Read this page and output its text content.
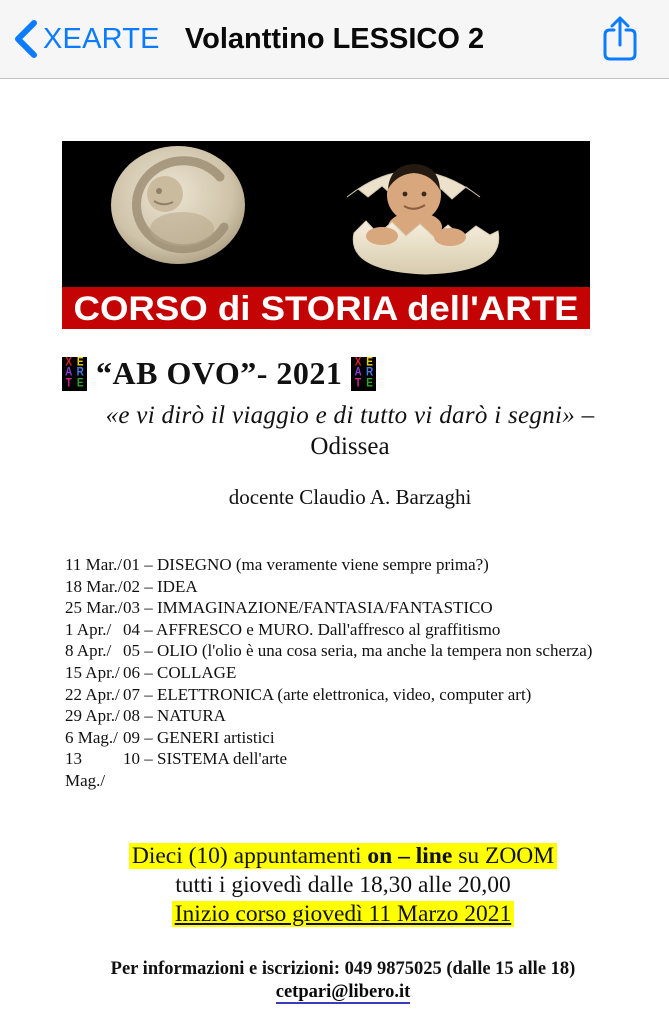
XEARTE Volanttino LESSICO 2
CORSO di STORIA dell'ARTE
X E
A R
T E “AB OVO”- 2021 X E
A R
T E
«e vi dirò il viaggio e di tutto vi darò i segni» –
Odissea
docente Claudio A. Barzaghi
11 Mar./ 01 – DISEGNO (ma veramente viene sempre prima?)
18 Mar./ 02 – IDEA
25 Mar./ 03 – IMMAGINAZIONE/FANTASIA/FANTASTICO
1 Apr./ 04 – AFFRESCO e MURO. Dall'affresco al graffitismo
8 Apr./ 05 – OLIO (l'olio è una cosa seria, ma anche la tempera non scherza)
15 Apr./ 06 – COLLAGE
22 Apr./ 07 – ELETTRONICA (arte elettronica, video, computer art)
29 Apr./ 08 – NATURA
6 Mag./ 09 – GENERI artistici
13 Mag./
10 – SISTEMA dell'arte
Dieci (10) appuntamenti on – line su ZOOM
tutti i giovedì dalle 18,30 alle 20,00
Inizio corso giovedì 11 Marzo 2021
Per informazioni e iscrizioni: 049 9875025 (dalle 15 alle 18)
cetpari@libero.it
